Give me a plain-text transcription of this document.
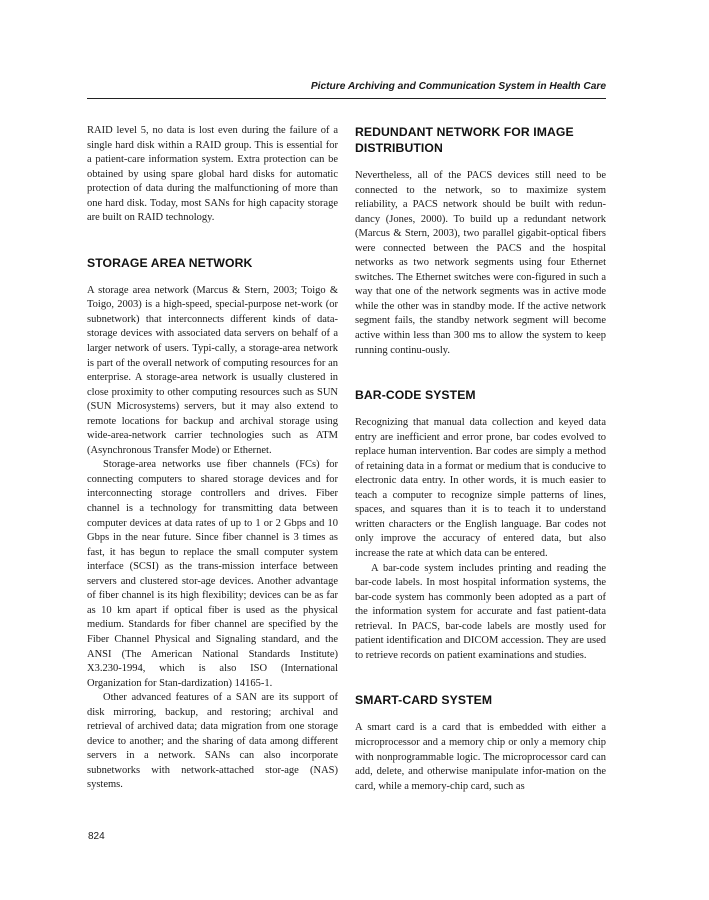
Picture Archiving and Communication System in Health Care

RAID level 5, no data is lost even during the failure of a single hard disk within a RAID group. This is essential for a patient-care information system. Extra protection can be obtained by using spare global hard disks for automatic protection of data during the malfunctioning of more than one hard disk. Today, most SANs for high capacity storage are built on RAID technology.

STORAGE AREA NETWORK

A storage area network (Marcus & Stern, 2003; Toigo & Toigo, 2003) is a high-speed, special-purpose net-work (or subnetwork) that interconnects different kinds of data-storage devices with associated data servers on behalf of a larger network of users. Typi-cally, a storage-area network is part of the overall network of computing resources for an enterprise. A storage-area network is usually clustered in close proximity to other computing resources such as SUN (SUN Microsystems) servers, but it may also extend to remote locations for backup and archival storage using wide-area-network carrier technologies such as ATM (Asynchronous Transfer Mode) or Ethernet.

Storage-area networks use fiber channels (FCs) for connecting computers to shared storage devices and for interconnecting storage controllers and drives. Fiber channel is a technology for transmitting data between computer devices at data rates of up to 1 or 2 Gbps and 10 Gbps in the near future. Since fiber channel is 3 times as fast, it has begun to replace the small computer system interface (SCSI) as the trans-mission interface between servers and clustered stor-age devices. Another advantage of fiber channel is its high flexibility; devices can be as far as 10 km apart if optical fiber is used as the physical medium. Standards for fiber channel are specified by the Fiber Channel Physical and Signaling standard, and the ANSI (The American National Standards Institute) X3.230-1994, which is also ISO (International Organization for Stan-dardization) 14165-1.

Other advanced features of a SAN are its support of disk mirroring, backup, and restoring; archival and retrieval of archived data; data migration from one storage device to another; and the sharing of data among different servers in a network. SANs can also incorporate subnetworks with network-attached stor-age (NAS) systems.

REDUNDANT NETWORK FOR IMAGE DISTRIBUTION

Nevertheless, all of the PACS devices still need to be connected to the network, so to maximize system reliability, a PACS network should be built with redun-dancy (Jones, 2000). To build up a redundant network (Marcus & Stern, 2003), two parallel gigabit-optical fibers were connected between the PACS and the hospital networks as two network segments using four Ethernet switches. The Ethernet switches were con-figured in such a way that one of the network segments was in active mode while the other was in standby mode. If the active network segment fails, the standby network segment will become active within less than 300 ms to allow the system to keep running continu-ously.

BAR-CODE SYSTEM

Recognizing that manual data collection and keyed data entry are inefficient and error prone, bar codes evolved to replace human intervention. Bar codes are simply a method of retaining data in a format or medium that is conducive to electronic data entry. In other words, it is much easier to teach a computer to recognize simple patterns of lines, spaces, and squares than it is to teach it to understand written characters or the English language. Bar codes not only improve the accuracy of entered data, but also increase the rate at which data can be entered.

A bar-code system includes printing and reading the bar-code labels. In most hospital information systems, the bar-code system has commonly been adopted as a part of the information system for accurate and fast patient-data retrieval. In PACS, bar-code labels are mostly used for patient identification and DICOM accession. They are used to retrieve records on patient examinations and studies.

SMART-CARD SYSTEM

A smart card is a card that is embedded with either a microprocessor and a memory chip or only a memory chip with nonprogrammable logic. The microprocessor card can add, delete, and otherwise manipulate infor-mation on the card, while a memory-chip card, such as

824
